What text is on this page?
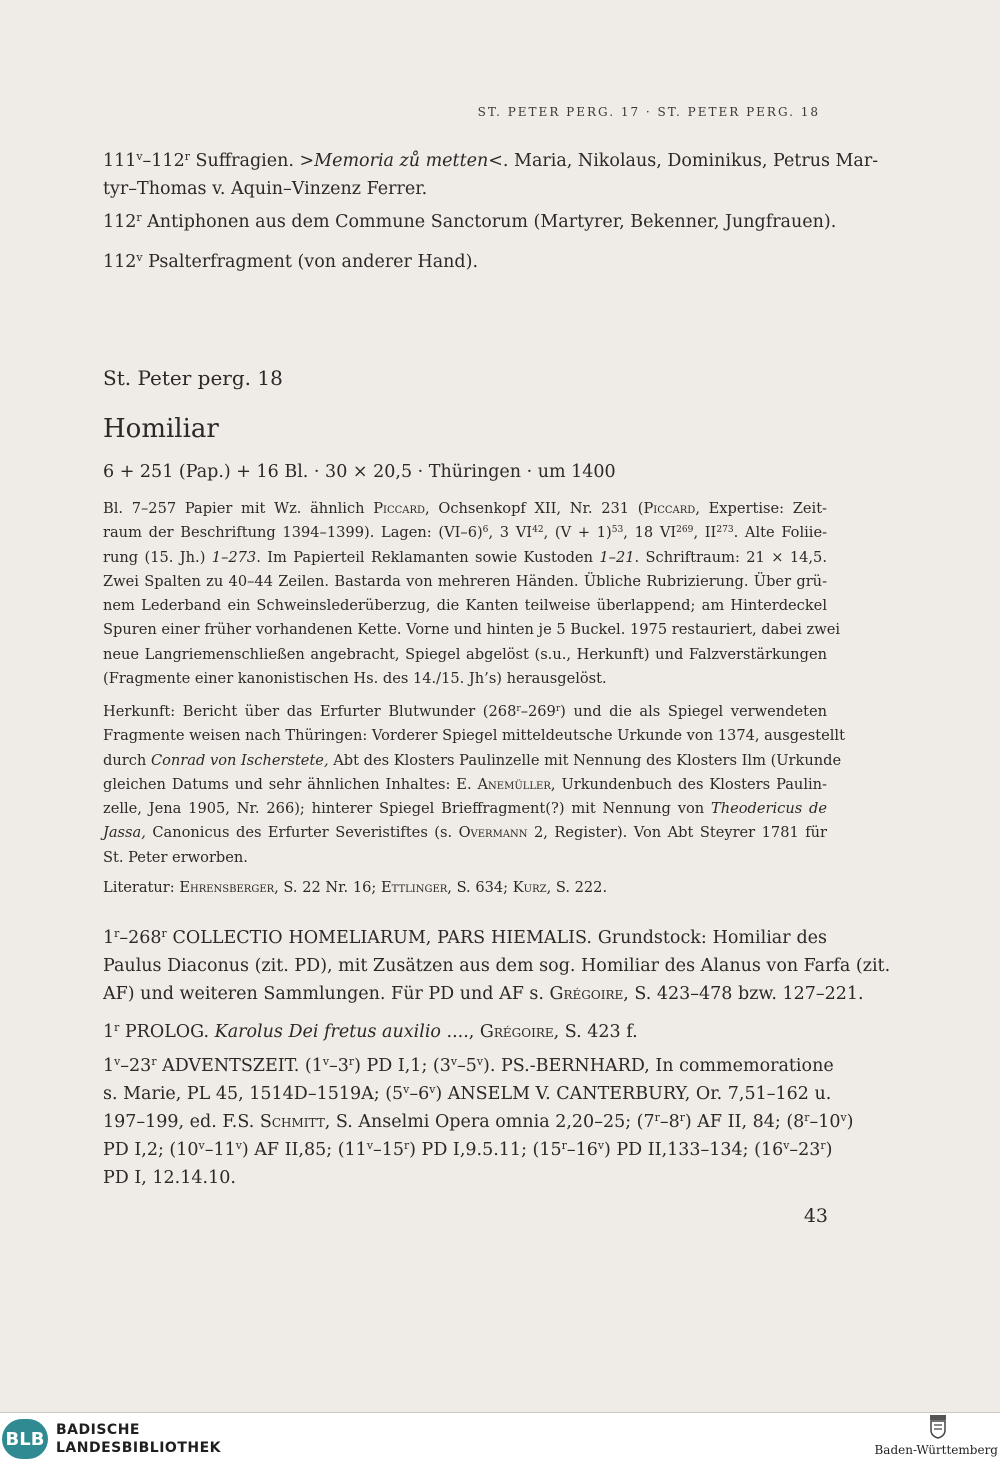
ST. PETER PERG. 17 · ST. PETER PERG. 18
111$^v$–112$^r$ Suffragien. >Memoria zů metten<. Maria, Nikolaus, Dominikus, Petrus Mar-
tyr–Thomas v. Aquin–Vinzenz Ferrer.
112$^r$ Antiphonen aus dem Commune Sanctorum (Martyrer, Bekenner, Jungfrauen).
112$^v$ Psalterfragment (von anderer Hand).
6 + 251 (Pap.) + 16 Bl. · 30 × 20,5 · Thüringen · um 1400
Bl. 7–257 Papier mit Wz. ähnlich Piccard, Ochsenkopf XII, Nr. 231 (Piccard, Expertise: Zeit-
raum der Beschriftung 1394–1399). Lagen: $(VI-6)^6$, 3 VI$^{42}$, $(V + 1)^{53}$, 18 VI$^{269}$, II$^{273}$. Alte Foliie-
rung (15. Jh.) 1–273. Im Papierteil Reklamanten sowie Kustoden 1–21. Schriftraum: 21 × 14,5.
Zwei Spalten zu 40–44 Zeilen. Bastarda von mehreren Händen. Übliche Rubrizierung. Über grü-
nem Lederband ein Schweinslederüberzug, die Kanten teilweise überlappend; am Hinterdeckel
Spuren einer früher vorhandenen Kette. Vorne und hinten je 5 Buckel. 1975 restauriert, dabei zwei
neue Langriemenschließen angebracht, Spiegel abgelöst (s.u., Herkunft) und Falzverstärkungen
(Fragmente einer kanonistischen Hs. des 14./15. Jh’s) herausgelöst.
Herkunft: Bericht über das Erfurter Blutwunder (268$^r$–269$^r$) und die als Spiegel verwendeten
Fragmente weisen nach Thüringen: Vorderer Spiegel mitteldeutsche Urkunde von 1374, ausgestellt
durch Conrad von Ischerstete, Abt des Klosters Paulinzelle mit Nennung des Klosters Ilm (Urkunde
gleichen Datums und sehr ähnlichen Inhaltes: E. Anemüller, Urkundenbuch des Klosters Paulin-
zelle, Jena 1905, Nr. 266); hinterer Spiegel Brieffragment(?) mit Nennung von Theodericus de
Jassa, Canonicus des Erfurter Severistiftes (s. Overmann 2, Register). Von Abt Steyrer 1781 für
St. Peter erworben.
Literatur: Ehrensberger, S. 22 Nr. 16; Ettlinger, S. 634; Kurz, S. 222.
1$^r$–268$^r$ COLLECTIO HOMELIARUM, PARS HIEMALIS. Grundstock: Homiliar des
Paulus Diaconus (zit. PD), mit Zusätzen aus dem sog. Homiliar des Alanus von Farfa (zit.
AF) und weiteren Sammlungen. Für PD und AF s. Grégoire, S. 423–478 bzw. 127–221.
1$^r$ PROLOG. Karolus Dei fretus auxilio ...., Grégoire, S. 423 f.
1$^v$–23$^r$ ADVENTSZEIT. (1$^v$–3$^r$) PD I,1; (3$^v$–5$^v$). PS.-BERNHARD, In commemoratione
s. Marie, PL 45, 1514D–1519A; (5$^v$–6$^v$) ANSELM V. CANTERBURY, Or. 7,51–162 u.
197–199, ed. F.S. Schmitt, S. Anselmi Opera omnia 2,20–25; (7$^r$–8$^r$) AF II, 84; (8$^r$–10$^v$)
PD I,2; (10$^v$–11$^v$) AF II,85; (11$^v$–15$^r$) PD I,9.5.11; (15$^r$–16$^v$) PD II,133–134; (16$^v$–23$^r$)
PD I, 12.14.10.
St. Peter perg. 18
Homiliar
43
BLB BADISCHE
LANDESBIBLIOTHEK	Baden-Württemberg
